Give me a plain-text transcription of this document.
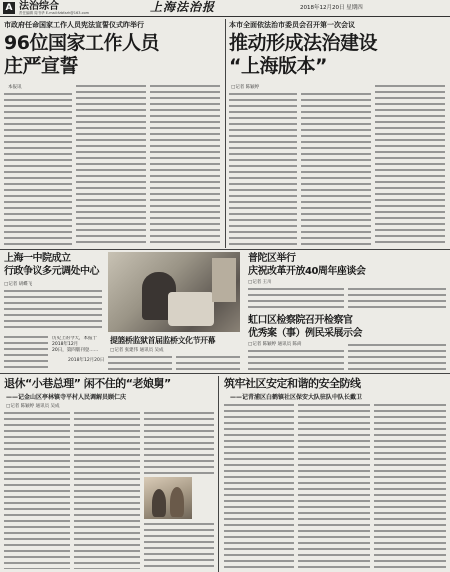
A 法治综合
责任编辑 周书华 E-mail:fzbfzzh@163.com	上海法治报	2018年12月20日 星期四
市政府任命国家工作人员宪法宣誓仪式昨举行
96位国家工作人员
庄严宣誓
本报讯
本市全面依法治市委员会召开第一次会议
推动形成法治建设
“上海版本”
□记者 陈颖婷
上海一中院成立
行政争议多元调处中心
□记者 胡蝶飞
历史上的今天，本报于2018年12月
20日，第四版刊登……
2018年12月20日
提篮桥监狱首届监桥文化节开幕
□记者 张建伟 通讯员 吴成
普陀区举行
庆祝改革开放40周年座谈会
□记者 王川
虹口区检察院召开检察官
优秀案（事）例民采展示会
□记者 陈颖婷 通讯员 陈尚
退休“小巷总理” 闲不住的“老娘舅”
——记金山区亭林镇寺平村人民调解员顾仁庆
□记者 陈颖婷 通讯员 吴成
筑牢社区安定和谐的安全防线
——记青浦区白鹤镇社区保安大队驻队中队长戴卫
